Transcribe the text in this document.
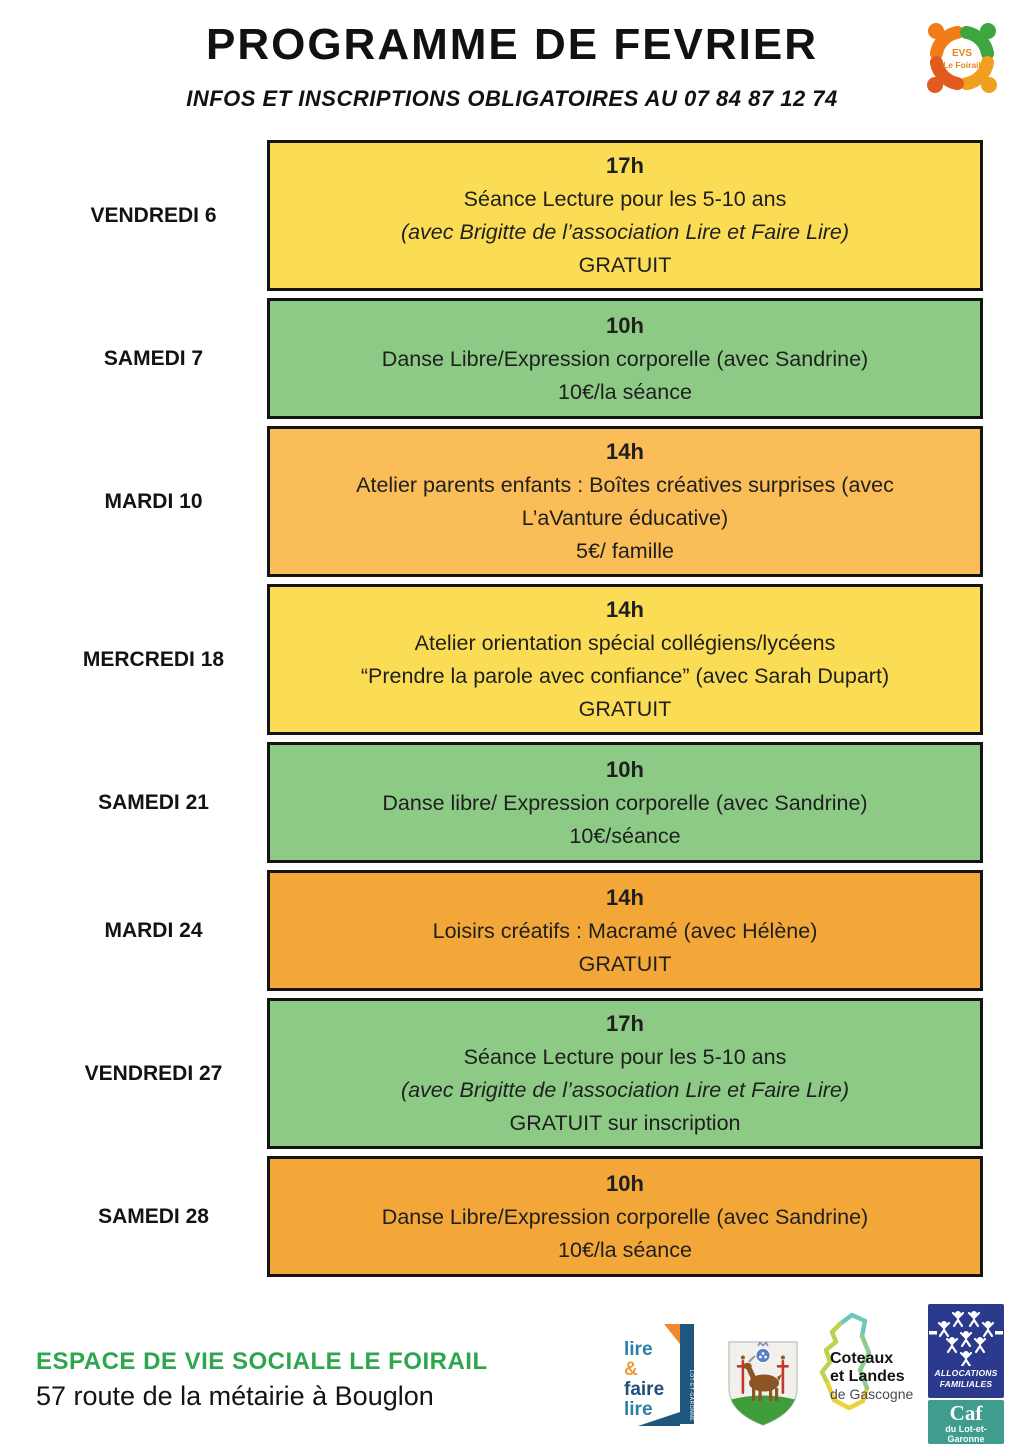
PROGRAMME DE FEVRIER
INFOS ET INSCRIPTIONS OBLIGATOIRES AU 07 84 87 12 74
EVS
Le Foirail
VENDREDI 6
17h
Séance Lecture pour les 5-10 ans
(avec Brigitte de l’association Lire et Faire Lire)
GRATUIT
SAMEDI 7
10h
Danse Libre/Expression corporelle (avec Sandrine)
10€/la séance
MARDI 10
14h
Atelier parents enfants : Boîtes créatives surprises (avec
L’aVanture éducative)
5€/ famille
MERCREDI 18
14h
Atelier orientation spécial collégiens/lycéens
“Prendre la parole avec confiance” (avec Sarah Dupart)
GRATUIT
SAMEDI 21
10h
Danse libre/ Expression corporelle (avec Sandrine)
10€/séance
MARDI 24
14h
Loisirs créatifs : Macramé (avec Hélène)
GRATUIT
VENDREDI 27
17h
Séance Lecture pour les 5-10 ans
(avec Brigitte de l’association Lire et Faire Lire)
GRATUIT sur inscription
SAMEDI 28
10h
Danse Libre/Expression corporelle (avec Sandrine)
10€/la séance
ESPACE DE VIE SOCIALE LE FOIRAIL
57 route de la métairie à Bouglon	LOT-ET-GARONNE
lire
&
faire
lire
Coteaux
et Landes
de Gascogne
ALLOCATIONS
FAMILIALES
Caf
du Lot-et-
Garonne
